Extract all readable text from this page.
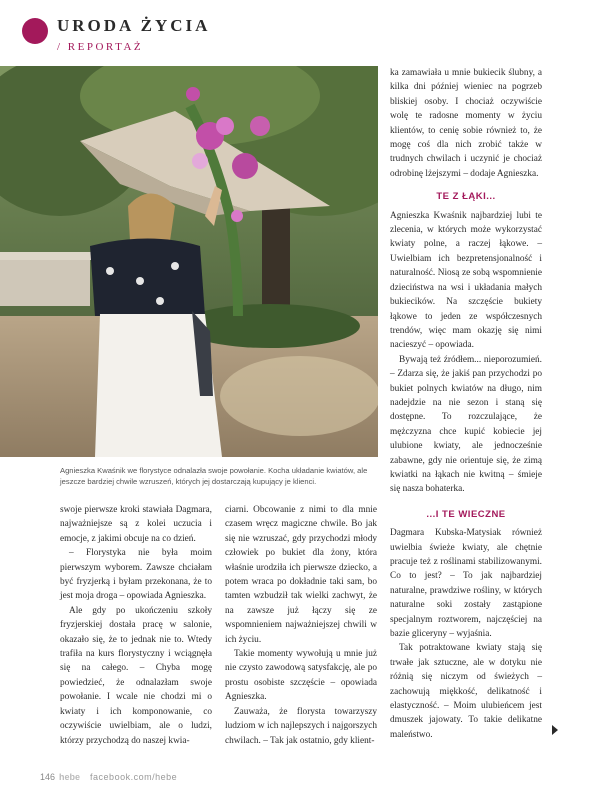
URODA ŻYCIA
/ REPORTAŻ
Agnieszka Kwaśnik we florystyce odnalazła swoje powołanie. Kocha układanie kwiatów, ale jeszcze bardziej chwile wzruszeń, których jej dostarczają kupujący je klienci.

swoje pierwsze kroki stawiała Dagmara, najważniejsze są z kolei uczucia i emocje, z jakimi obcuje na co dzień.

– Florystyka nie była moim pierwszym wyborem. Zawsze chciałam być fryzjerką i byłam przekonana, że to jest moja droga – opowiada Agnieszka.

Ale gdy po ukończeniu szkoły fryzjerskiej dostała pracę w salonie, okazało się, że to jednak nie to. Wtedy trafiła na kurs florystyczny i wciągnęła się na całego. – Chyba mogę powiedzieć, że odnalazłam swoje powołanie. I wcale nie chodzi mi o kwiaty i ich komponowanie, co oczywiście uwielbiam, ale o ludzi, którzy przychodzą do naszej kwia-

ciarni. Obcowanie z nimi to dla mnie czasem wręcz magiczne chwile. Bo jak się nie wzruszać, gdy przychodzi młody człowiek po bukiet dla żony, która właśnie urodziła ich pierwsze dziecko, a potem wraca po dokładnie taki sam, bo tamten wzbudził tak wielki zachwyt, że na zawsze już łączy się ze wspomnieniem najważniejszej chwili w ich życiu.

Takie momenty wywołują u mnie już nie czysto zawodową satysfakcję, ale po prostu osobiste szczęście – opowiada Agnieszka.

Zauważa, że florysta towarzyszy ludziom w ich najlepszych i najgorszych chwilach. – Tak jak ostatnio, gdy klient-

ka zamawiała u mnie bukiecik ślubny, a kilka dni później wieniec na pogrzeb bliskiej osoby. I chociaż oczywiście wolę te radosne momenty w życiu klientów, to cenię sobie również to, że mogę coś dla nich zrobić także w trudnych chwilach i uczynić je chociaż odrobinę lżejszymi – dodaje Agnieszka.

TE Z ŁĄKI...

Agnieszka Kwaśnik najbardziej lubi te zlecenia, w których może wykorzystać kwiaty polne, a raczej łąkowe. – Uwielbiam ich bezpretensjonalność i naturalność. Niosą ze sobą wspomnienie dzieciństwa na wsi i układania małych bukiecików. Na szczęście bukiety łąkowe to jeden ze współczesnych trendów, więc mam okazję się nimi nacieszyć – opowiada.

Bywają też źródłem... nieporozumień. – Zdarza się, że jakiś pan przychodzi po bukiet polnych kwiatów na długo, nim nadejdzie na nie sezon i staną się dostępne. To rozczulające, że mężczyzna chce kupić kobiecie jej ulubione kwiaty, ale jednocześnie zabawne, gdy nie orientuje się, że zimą kwiatki na łąkach nie kwitną – śmieje się nasza bohaterka.

...I TE WIECZNE

Dagmara Kubska-Matysiak również uwielbia świeże kwiaty, ale chętnie pracuje też z roślinami stabilizowanymi. Co to jest? – To jak najbardziej naturalne, prawdziwe rośliny, w których naturalne soki zostały zastąpione specjalnym roztworem, najczęściej na bazie gliceryny – wyjaśnia.

Tak potraktowane kwiaty stają się trwałe jak sztuczne, ale w dotyku nie różnią się niczym od świeżych – zachowują miękkość, delikatność i elastyczność. – Moim ulubieńcem jest dmuszek jajowaty. To takie delikatne maleństwo.

146 hebe facebook.com/hebe
